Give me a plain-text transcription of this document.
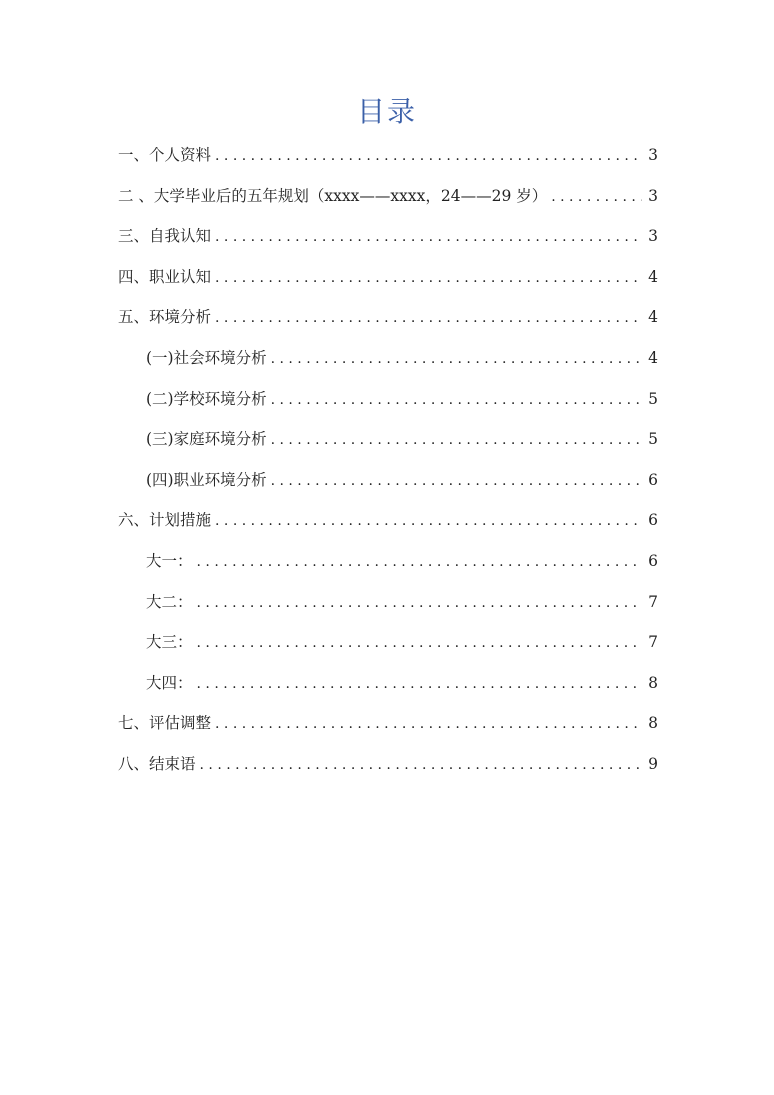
目录
一、个人资料 . . .	3
二 、大学毕业后的五年规划（xxxx——xxxx，24——29 岁） . . .	3
三、自我认知 . . .	3
四、职业认知 . . .	4
五、环境分析 . . .	4
(一)社会环境分析 . . .	4
(二)学校环境分析 . . .	5
(三)家庭环境分析 . . .	5
(四)职业环境分析 . . .	6
六、计划措施 . . .	6
大一： . . .	6
大二： . . .	7
大三： . . .	7
大四： . . .	8
七、评估调整 . . .	8
八、结束语 . . .	9
